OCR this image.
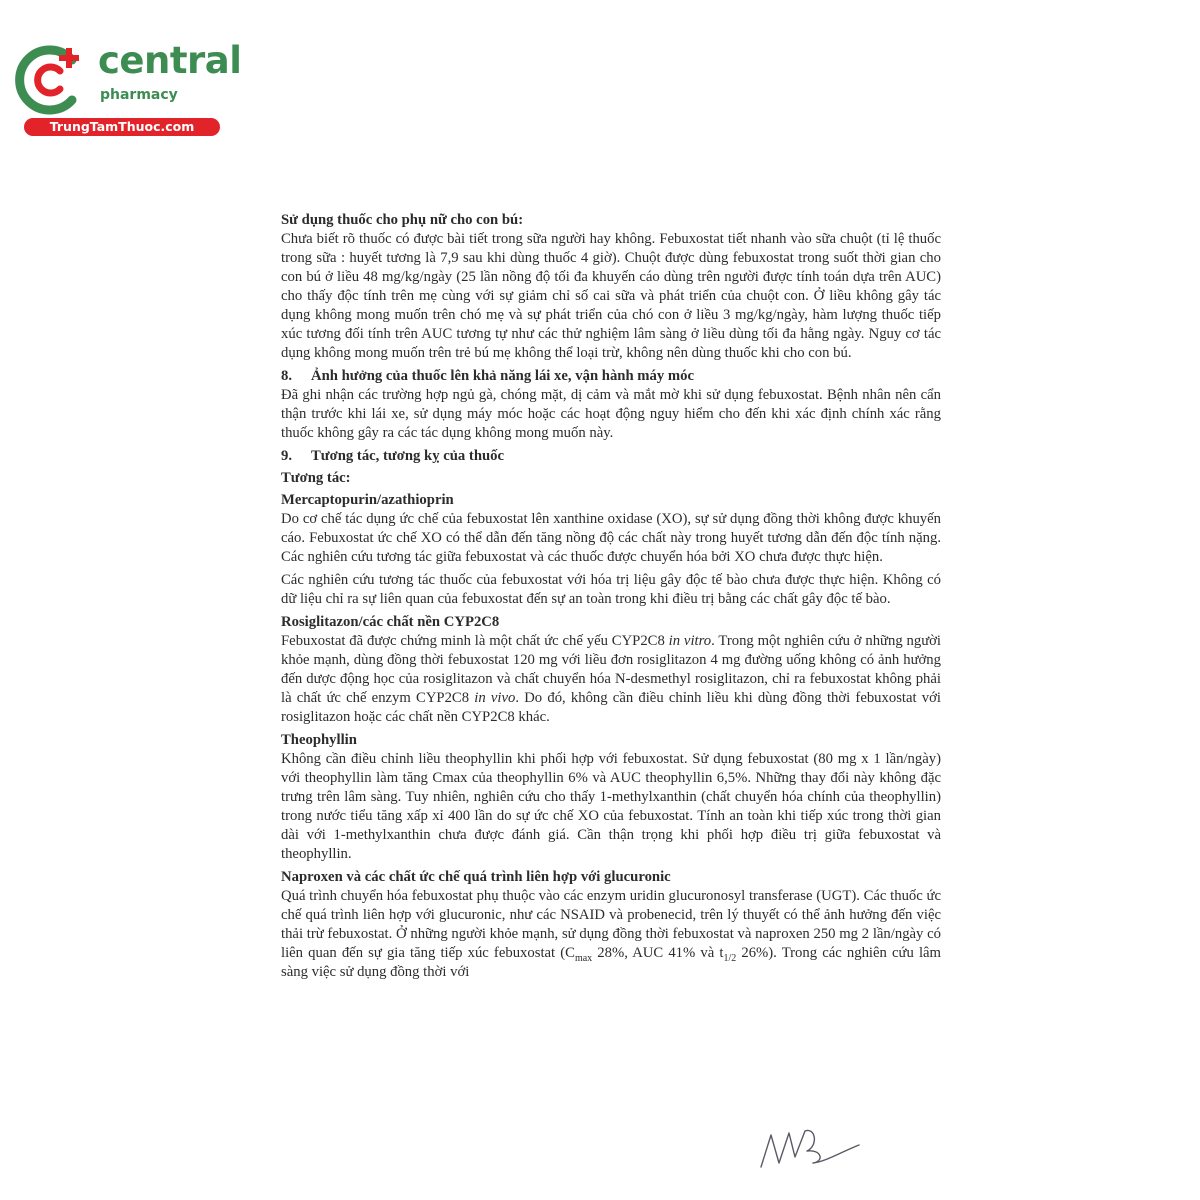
central
pharmacy
TrungTamThuoc.com

Sử dụng thuốc cho phụ nữ cho con bú:

Chưa biết rõ thuốc có được bài tiết trong sữa người hay không. Febuxostat tiết nhanh vào sữa chuột (tỉ lệ thuốc trong sữa : huyết tương là 7,9 sau khi dùng thuốc 4 giờ). Chuột được dùng febuxostat trong suốt thời gian cho con bú ở liều 48 mg/kg/ngày (25 lần nồng độ tối đa khuyến cáo dùng trên người được tính toán dựa trên AUC) cho thấy độc tính trên mẹ cùng với sự giảm chỉ số cai sữa và phát triển của chuột con. Ở liều không gây tác dụng không mong muốn trên chó mẹ và sự phát triển của chó con ở liều 3 mg/kg/ngày, hàm lượng thuốc tiếp xúc tương đối tính trên AUC tương tự như các thử nghiệm lâm sàng ở liều dùng tối đa hằng ngày. Nguy cơ tác dụng không mong muốn trên trẻ bú mẹ không thể loại trừ, không nên dùng thuốc khi cho con bú.

8. Ảnh hưởng của thuốc lên khả năng lái xe, vận hành máy móc

Đã ghi nhận các trường hợp ngủ gà, chóng mặt, dị cảm và mắt mờ khi sử dụng febuxostat. Bệnh nhân nên cẩn thận trước khi lái xe, sử dụng máy móc hoặc các hoạt động nguy hiểm cho đến khi xác định chính xác rằng thuốc không gây ra các tác dụng không mong muốn này.

9. Tương tác, tương kỵ của thuốc

Tương tác:

Mercaptopurin/azathioprin

Do cơ chế tác dụng ức chế của febuxostat lên xanthine oxidase (XO), sự sử dụng đồng thời không được khuyến cáo. Febuxostat ức chế XO có thể dẫn đến tăng nồng độ các chất này trong huyết tương dẫn đến độc tính nặng. Các nghiên cứu tương tác giữa febuxostat và các thuốc được chuyển hóa bởi XO chưa được thực hiện.

Các nghiên cứu tương tác thuốc của febuxostat với hóa trị liệu gây độc tế bào chưa được thực hiện. Không có dữ liệu chỉ ra sự liên quan của febuxostat đến sự an toàn trong khi điều trị bằng các chất gây độc tế bào.

Rosiglitazon/các chất nền CYP2C8

Febuxostat đã được chứng minh là một chất ức chế yếu CYP2C8 in vitro. Trong một nghiên cứu ở những người khỏe mạnh, dùng đồng thời febuxostat 120 mg với liều đơn rosiglitazon 4 mg đường uống không có ảnh hưởng đến dược động học của rosiglitazon và chất chuyển hóa N-desmethyl rosiglitazon, chỉ ra febuxostat không phải là chất ức chế enzym CYP2C8 in vivo. Do đó, không cần điều chỉnh liều khi dùng đồng thời febuxostat với rosiglitazon hoặc các chất nền CYP2C8 khác.

Theophyllin

Không cần điều chỉnh liều theophyllin khi phối hợp với febuxostat. Sử dụng febuxostat (80 mg x 1 lần/ngày) với theophyllin làm tăng Cmax của theophyllin 6% và AUC theophyllin 6,5%. Những thay đổi này không đặc trưng trên lâm sàng. Tuy nhiên, nghiên cứu cho thấy 1-methylxanthin (chất chuyển hóa chính của theophyllin) trong nước tiểu tăng xấp xỉ 400 lần do sự ức chế XO của febuxostat. Tính an toàn khi tiếp xúc trong thời gian dài với 1-methylxanthin chưa được đánh giá. Cần thận trọng khi phối hợp điều trị giữa febuxostat và theophyllin.

Naproxen và các chất ức chế quá trình liên hợp với glucuronic

Quá trình chuyển hóa febuxostat phụ thuộc vào các enzym uridin glucuronosyl transferase (UGT). Các thuốc ức chế quá trình liên hợp với glucuronic, như các NSAID và probenecid, trên lý thuyết có thể ảnh hưởng đến việc thải trừ febuxostat. Ở những người khỏe mạnh, sử dụng đồng thời febuxostat và naproxen 250 mg 2 lần/ngày có liên quan đến sự gia tăng tiếp xúc febuxostat ($C_{max}$ 28%, AUC 41% và $t_{1/2}$ 26%). Trong các nghiên cứu lâm sàng việc sử dụng đồng thời với
